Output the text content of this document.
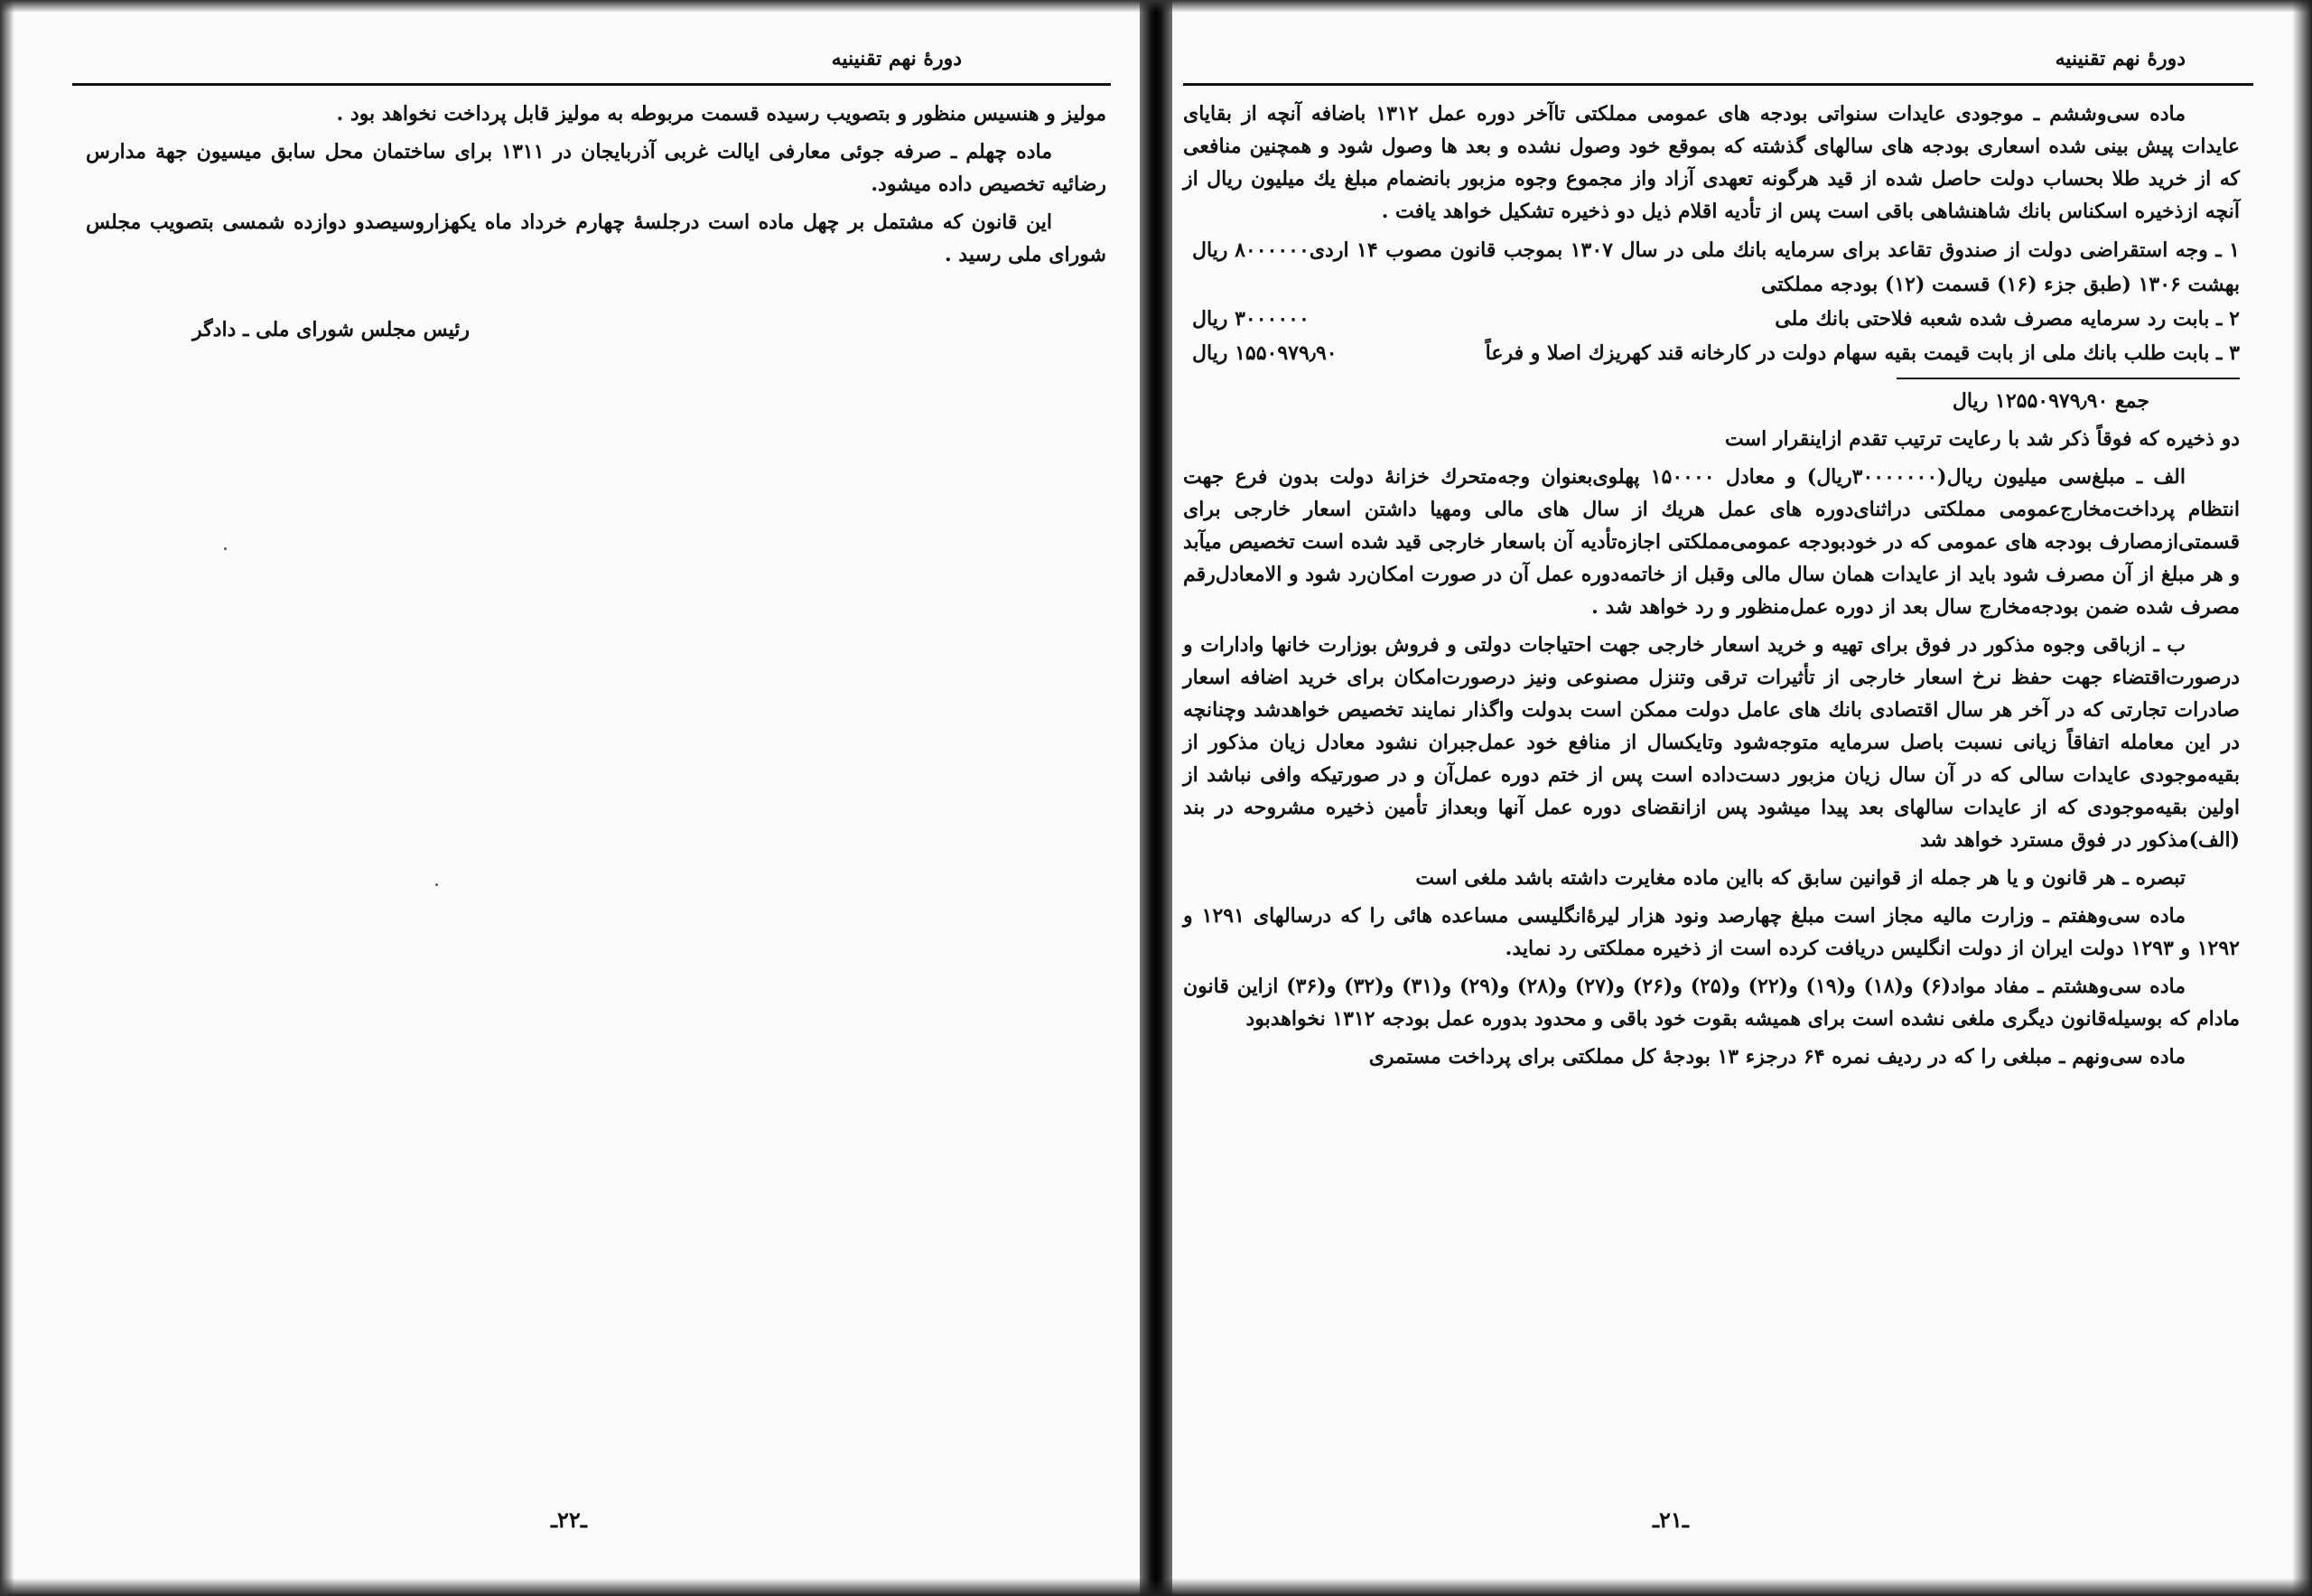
دورهٔ نهم تقنینیه

مولیز و هنسیس منظور و بتصویب رسیده قسمت مربوطه به مولیز قابل پرداخت نخواهد بود .

ماده چهلم ـ صرفه جوئی معارفی ایالت غربی آذربایجان در ۱۳۱۱ برای ساختمان محل سابق میسیون جهة مدارس رضائیه تخصیص داده میشود.

این قانون که مشتمل بر چهل ماده است درجلسهٔ چهارم خرداد ماه یکهزاروسیصدو دوازده شمسی بتصویب مجلس شورای ملی رسید .

رئیس مجلس شورای ملی ـ دادگر
ـ۲۲ـ
دورهٔ نهم تقنینیه

ماده سی‌وششم ـ موجودی عایدات سنواتی بودجه های عمومی مملکتی تاآخر دوره عمل ۱۳۱۲ باضافه آنچه از بقایای عایدات پیش بینی شده اسعاری بودجه های سالهای گذشته که بموقع خود وصول نشده و بعد ها وصول شود و همچنین منافعی که از خرید طلا بحساب دولت حاصل شده از قید هرگونه تعهدی آزاد واز مجموع وجوه مزبور بانضمام مبلغ یك میلیون ریال از آنچه ازذخیره اسکناس بانك شاهنشاهی باقی است پس از تأدیه اقلام ذیل دو ذخیره تشکیل خواهد یافت .

۱ ـ وجه استقراضی دولت از صندوق تقاعد برای سرمایه بانك ملی در سال ۱۳۰۷ بموجب قانون مصوب ۱۴ اردی بهشت ۱۳۰۶ (طبق جزء (۱۶) قسمت (۱۲) بودجه مملکتی
۸۰۰۰۰۰۰ ریال
۲ ـ بابت رد سرمایه مصرف شده شعبه فلاحتی بانك ملی
۳۰۰۰۰۰۰ ریال
۳ ـ بابت طلب بانك ملی از بابت قیمت بقیه سهام دولت در کارخانه قند کهریزك اصلا و فرعاً
۱۵۵۰۹۷۹٫۹۰ ریال
جمع ۱۲۵۵۰۹۷۹٫۹۰ ریال

دو ذخیره که فوقاً ذکر شد با رعایت ترتیب تقدم ازاینقرار است

الف ـ مبلغ‌سی میلیون ریال(۳۰۰۰۰۰۰۰ریال) و معادل ۱۵۰۰۰۰ پهلوی‌بعنوان وجه‌متحرك خزانهٔ دولت بدون فرع جهت انتظام پرداخت‌مخارج‌عمومی مملکتی دراثنای‌دوره های عمل هریك از سال های مالی ومهیا داشتن اسعار خارجی برای قسمتی‌ازمصارف بودجه های عمومی که در خودبودجه عمومی‌مملکتی اجازه‌تأدیه آن باسعار خارجی قید شده است تخصیص میآبد و هر مبلغ از آن مصرف شود باید از عایدات همان سال مالی وقبل از خاتمه‌دوره عمل آن در صورت امکان‌رد شود و الامعادل‌رقم مصرف شده ضمن بودجه‌مخارج سال بعد از دوره عمل‌منظور و رد خواهد شد .

ب ـ ازباقی وجوه مذکور در فوق برای تهیه و خرید اسعار خارجی جهت احتیاجات دولتی و فروش بوزارت خانها وادارات و درصورت‌اقتضاء جهت حفظ نرخ اسعار خارجی از تأثیرات ترقی وتنزل مصنوعی ونیز درصورت‌امکان برای خرید اضافه اسعار صادرات تجارتی که در آخر هر سال اقتصادی بانك های عامل دولت ممکن است بدولت واگذار نمایند تخصیص خواهدشد وچنانچه در این معامله اتفاقاً زیانی نسبت باصل سرمایه متوجه‌شود وتایکسال از منافع خود عمل‌جبران نشود معادل زیان مذکور از بقیه‌موجودی عایدات سالی که در آن سال زیان مزبور دست‌داده است پس از ختم دوره عمل‌آن و در صورتیکه وافی نباشد از اولین بقیه‌موجودی که از عایدات سالهای بعد پیدا میشود پس ازانقضای دوره عمل آنها وبعداز تأمین ذخیره مشروحه در بند (الف)مذکور در فوق مسترد خواهد شد

تبصره ـ هر قانون و یا هر جمله از قوانین سابق که بااین ماده مغایرت داشته باشد ملغی است

ماده سی‌وهفتم ـ وزارت مالیه مجاز است مبلغ چهارصد ونود هزار لیرهٔ‌انگلیسی مساعده هائی را که درسالهای ۱۲۹۱ و ۱۲۹۲ و ۱۲۹۳ دولت ایران از دولت انگلیس دریافت کرده است از ذخیره مملکتی رد نماید.

ماده سی‌وهشتم ـ مفاد مواد(۶) و(۱۸) و(۱۹) و(۲۲) و(۲۵) و(۲۶) و(۲۷) و(۲۸) و(۲۹) و(۳۱) و(۳۲) و(۳۶) ازاین قانون مادام که بوسیله‌قانون دیگری ملغی نشده است برای همیشه بقوت خود باقی و محدود بدوره عمل بودجه ۱۳۱۲ نخواهدبود

ماده سی‌ونهم ـ مبلغی را که در ردیف نمره ۶۴ درجزء ۱۳ بودجهٔ کل مملکتی برای پرداخت مستمری

ـ۲۱ـ
